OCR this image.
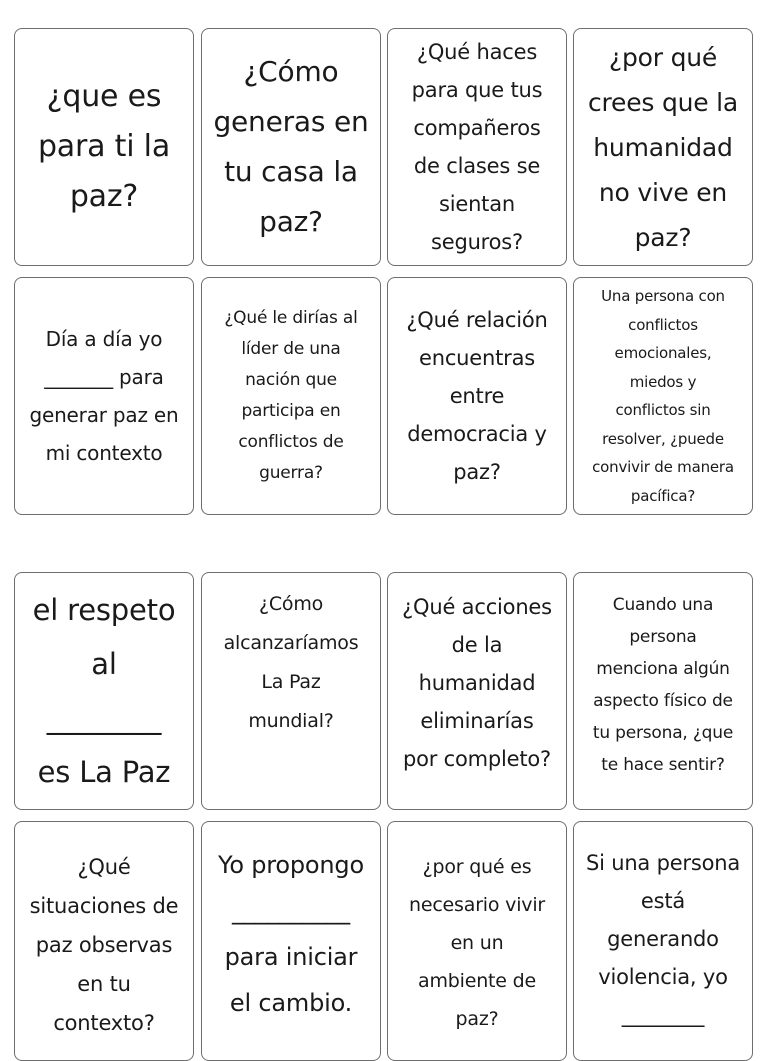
¿que es
para ti la
paz?
¿Cómo
generas en
tu casa la
paz?
¿Qué haces
para que tus
compañeros
de clases se
sientan
seguros?
¿por qué
crees que la
humanidad
no vive en
paz?
Día a día yo
_______ para
generar paz en
mi contexto
¿Qué le dirías al
líder de una
nación que
participa en
conflictos de
guerra?
¿Qué relación
encuentras
entre
democracia y
paz?
Una persona con
conflictos
emocionales,
miedos y
conflictos sin
resolver, ¿puede
convivir de manera
pacífica?
el respeto
al
________
es La Paz
¿Cómo
alcanzaríamos
La Paz
mundial?
¿Qué acciones
de la
humanidad
eliminarías
por completo?
Cuando una
persona
menciona algún
aspecto físico de
tu persona, ¿que
te hace sentir?
¿Qué
situaciones de
paz observas
en tu
contexto?
Yo propongo
__________
para iniciar
el cambio.
¿por qué es
necesario vivir
en un
ambiente de
paz?
Si una persona
está
generando
violencia, yo
________
